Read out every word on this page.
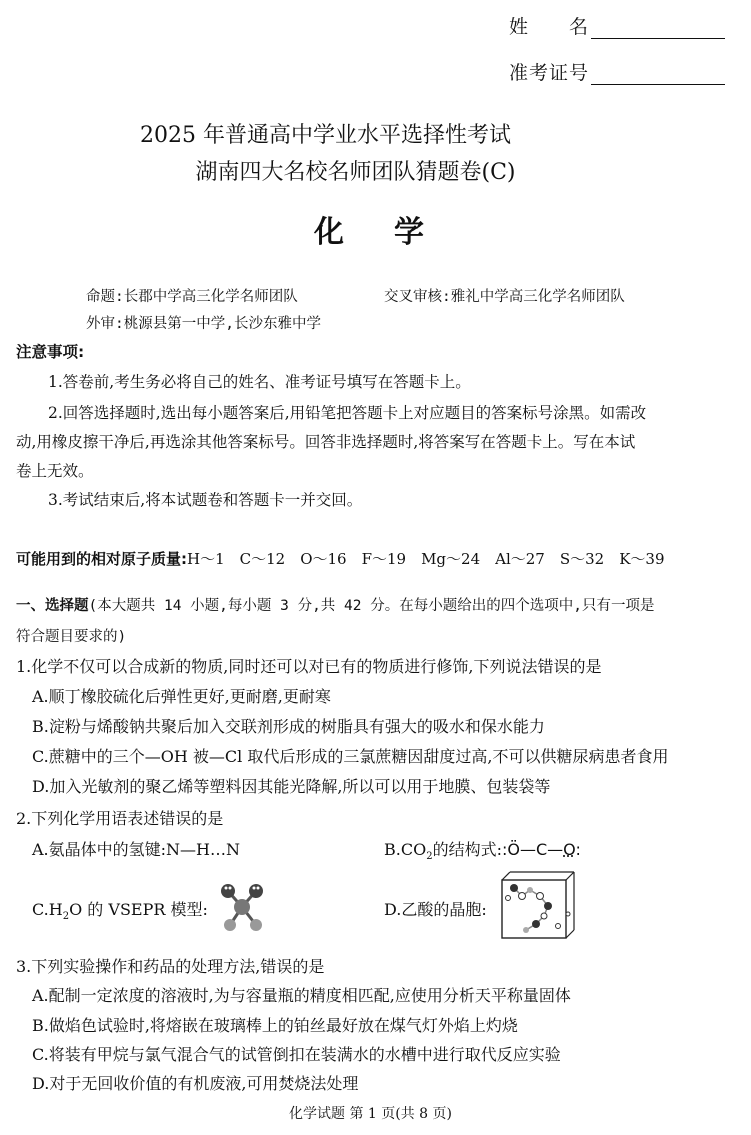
姓　　名
准考证号
2025 年普通高中学业水平选择性考试
湖南四大名校名师团队猜题卷(C)
化学
命题:长郡中学高三化学名师团队	交叉审核:雅礼中学高三化学名师团队
外审:桃源县第一中学,长沙东雅中学
注意事项:
1.答卷前,考生务必将自己的姓名、准考证号填写在答题卡上。
2.回答选择题时,选出每小题答案后,用铅笔把答题卡上对应题目的答案标号涂黑。如需改
动,用橡皮擦干净后,再选涂其他答案标号。回答非选择题时,将答案写在答题卡上。写在本试
卷上无效。
3.考试结束后,将本试题卷和答题卡一并交回。
可能用到的相对原子质量:H～1　C～12　O～16　F～19　Mg～24　Al～27　S～32　K～39
一、选择题(本大题共 14 小题,每小题 3 分,共 42 分。在每小题给出的四个选项中,只有一项是
符合题目要求的)
1.化学不仅可以合成新的物质,同时还可以对已有的物质进行修饰,下列说法错误的是
A.顺丁橡胶硫化后弹性更好,更耐磨,更耐寒
B.淀粉与烯酸钠共聚后加入交联剂形成的树脂具有强大的吸水和保水能力
C.蔗糖中的三个—OH 被—Cl 取代后形成的三氯蔗糖因甜度过高,不可以供糖尿病患者食用
D.加入光敏剂的聚乙烯等塑料因其能光降解,所以可以用于地膜、包装袋等
2.下列化学用语表述错误的是
A.氨晶体中的氢键:N—H…N	$B.CO_2$的结构式::Ö—C—O:
$C.H_2O$ 的 VSEPR 模型:	D.乙酸的晶胞:
3.下列实验操作和药品的处理方法,错误的是
A.配制一定浓度的溶液时,为与容量瓶的精度相匹配,应使用分析天平称量固体
B.做焰色试验时,将熔嵌在玻璃棒上的铂丝最好放在煤气灯外焰上灼烧
C.将装有甲烷与氯气混合气的试管倒扣在装满水的水槽中进行取代反应实验
D.对于无回收价值的有机废液,可用焚烧法处理
化学试题 第 1 页(共 8 页)
